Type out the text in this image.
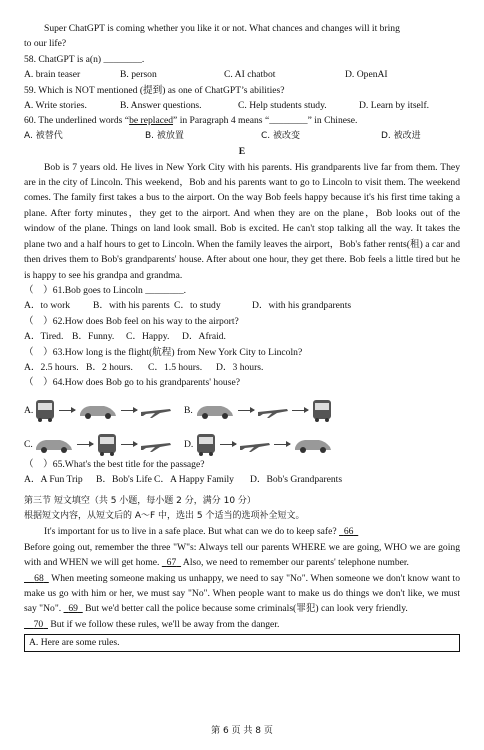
Super ChatGPT is coming whether you like it or not. What chances and changes will it bring

to our life?

58. ChatGPT is a(n) ________.

A. brain teaser	B. person	C. AI chatbot	D. OpenAI

59. Which is NOT mentioned (提到) as one of ChatGPT’s abilities?

A. Write stories.	B. Answer questions.	C. Help students study.	D. Learn by itself.

60. The underlined words “be replaced” in Paragraph 4 means “________” in Chinese.

A. 被替代	B. 被放置	C. 被改变	D. 被改进

E

Bob is 7 years old. He lives in New York City with his parents. His grandparents live far from them. They are in the city of Lincoln. This weekend，Bob and his parents want to go to Lincoln to visit them. The weekend comes. The family first takes a bus to the airport. On the way Bob feels happy because it's his first time taking a plane. After forty minutes，they get to the airport. And when they are on the plane，Bob looks out of the window of the plane. Things on land look small. Bob is excited. He can't stop talking all the way. It takes the plane two and a half hours to get to Lincoln. When the family leaves the airport，Bob's father rents(租) a car and then drives them to Bob's grandparents' house. After about one hour, they get there. Bob feels a little tired but he is happy to see his grandpa and grandma.

（　）61.Bob goes to Lincoln ________.

A．to work	B．with his parents C．to study	D．with his grandparents

（　）62.How does Bob feel on his way to the airport?

A．Tired. B．Funny.	C．Happy.	D．Afraid.

（　）63.How long is the flight(航程) from New York City to Lincoln?

A．2.5 hours. B．2 hours.	C．1.5 hours.	D．3 hours.

（　）64.How does Bob go to his grandparents' house?

A.	B.
C.	D.

（　）65.What's the best title for the passage?

A．A Fun Trip	B．Bob's Life C．A Happy Family	D．Bob's Grandparents

第三节 短文填空（共 5 小题，每小题 2 分，满分 10 分）

根据短文内容，从短文后的 A～F 中，选出 5 个适当的选项补全短文。

It's important for us to live in a safe place. But what can we do to keep safe?   66

Before going out, remember the three "W"s: Always tell our parents WHERE we are going, WHO we are going with and WHEN we will get home.   67   Also, we need to remember our parents' telephone number.

68   When meeting someone making us unhappy, we need to say "No". When someone we don't know want to make us go with him or her, we must say "No". When people want to make us do things we don't like, we must say "No".   69   But we'd better call the police because some criminals(罪犯) can look very friendly.

70   But if we follow these rules, we'll be away from the danger.

A. Here are some rules.
第 6 页 共 8 页
